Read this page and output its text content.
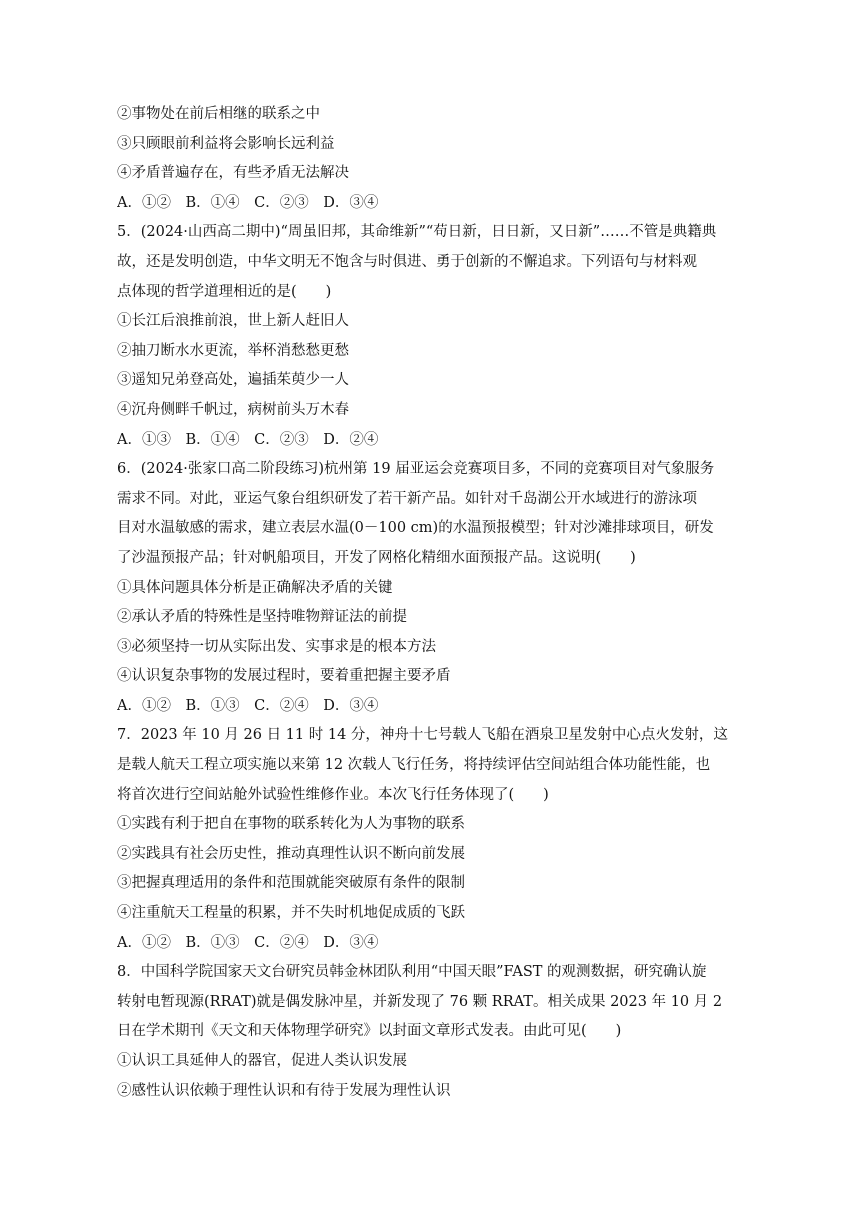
②事物处在前后相继的联系之中
③只顾眼前利益将会影响长远利益
④矛盾普遍存在，有些矛盾无法解决
A．①②　B．①④　C．②③　D．③④
5．(2024·山西高二期中)“周虽旧邦，其命维新”“苟日新，日日新，又日新”……不管是典籍典
故，还是发明创造，中华文明无不饱含与时俱进、勇于创新的不懈追求。下列语句与材料观
点体现的哲学道理相近的是(　　)
①长江后浪推前浪，世上新人赶旧人
②抽刀断水水更流，举杯消愁愁更愁
③遥知兄弟登高处，遍插茱萸少一人
④沉舟侧畔千帆过，病树前头万木春
A．①③　B．①④　C．②③　D．②④
6．(2024·张家口高二阶段练习)杭州第 19 届亚运会竞赛项目多，不同的竞赛项目对气象服务
需求不同。对此，亚运气象台组织研发了若干新产品。如针对千岛湖公开水域进行的游泳项
目对水温敏感的需求，建立表层水温(0－100 cm)的水温预报模型；针对沙滩排球项目，研发
了沙温预报产品；针对帆船项目，开发了网格化精细水面预报产品。这说明(　　)
①具体问题具体分析是正确解决矛盾的关键
②承认矛盾的特殊性是坚持唯物辩证法的前提
③必须坚持一切从实际出发、实事求是的根本方法
④认识复杂事物的发展过程时，要着重把握主要矛盾
A．①②　B．①③　C．②④　D．③④
7．2023 年 10 月 26 日 11 时 14 分，神舟十七号载人飞船在酒泉卫星发射中心点火发射，这
是载人航天工程立项实施以来第 12 次载人飞行任务，将持续评估空间站组合体功能性能，也
将首次进行空间站舱外试验性维修作业。本次飞行任务体现了(　　)
①实践有利于把自在事物的联系转化为人为事物的联系
②实践具有社会历史性，推动真理性认识不断向前发展
③把握真理适用的条件和范围就能突破原有条件的限制
④注重航天工程量的积累，并不失时机地促成质的飞跃
A．①②　B．①③　C．②④　D．③④
8．中国科学院国家天文台研究员韩金林团队利用“中国天眼”FAST 的观测数据，研究确认旋
转射电暂现源(RRAT)就是偶发脉冲星，并新发现了 76 颗 RRAT。相关成果 2023 年 10 月 2
日在学术期刊《天文和天体物理学研究》以封面文章形式发表。由此可见(　　)
①认识工具延伸人的器官，促进人类认识发展
②感性认识依赖于理性认识和有待于发展为理性认识
